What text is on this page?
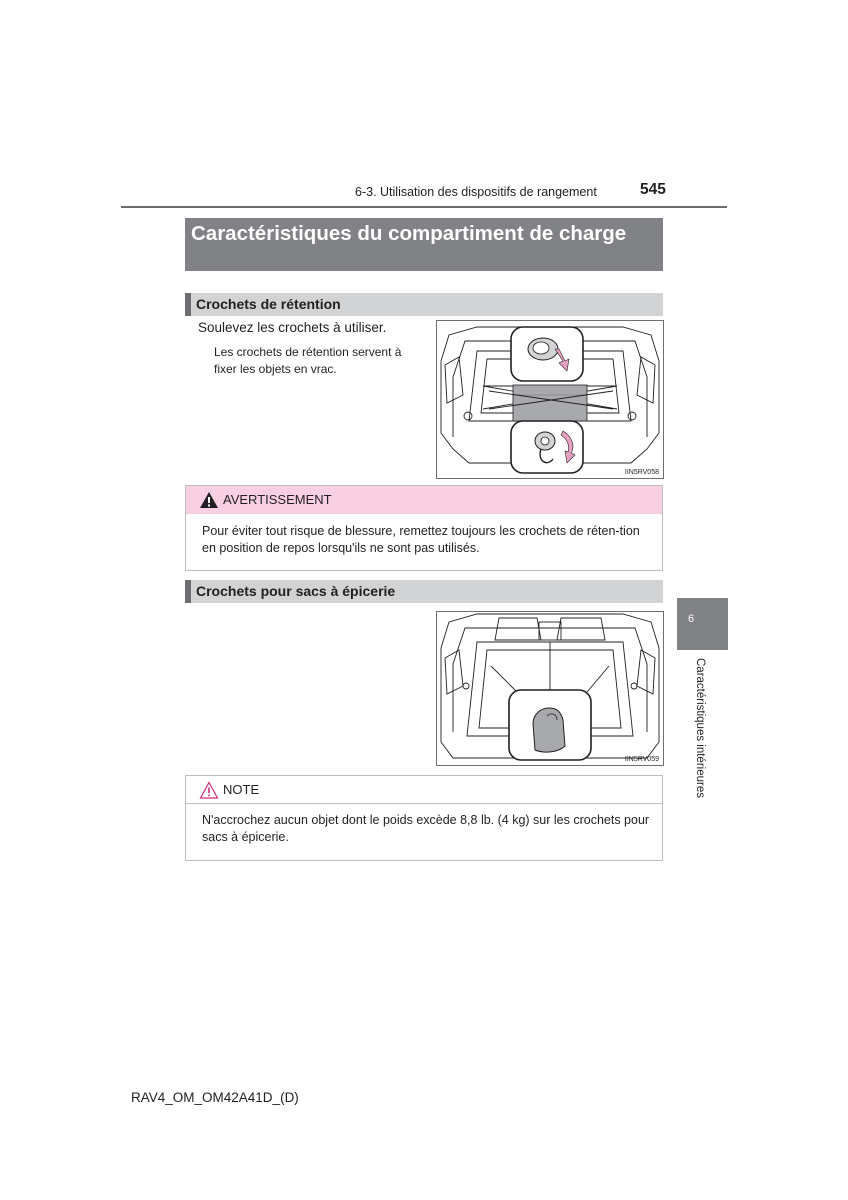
6-3. Utilisation des dispositifs de rangement	545
Caractéristiques du compartiment de charge
Crochets de rétention
Soulevez les crochets à utiliser.
Les crochets de rétention servent à fixer les objets en vrac.
IIN5RV058
AVERTISSEMENT
Pour éviter tout risque de blessure, remettez toujours les crochets de réten-tion en position de repos lorsqu'ils ne sont pas utilisés.
Crochets pour sacs à épicerie
IIN5RV059
NOTE
N'accrochez aucun objet dont le poids excède 8,8 lb. (4 kg) sur les crochets pour sacs à épicerie.
6
Caractéristiques intérieures
RAV4_OM_OM42A41D_(D)
